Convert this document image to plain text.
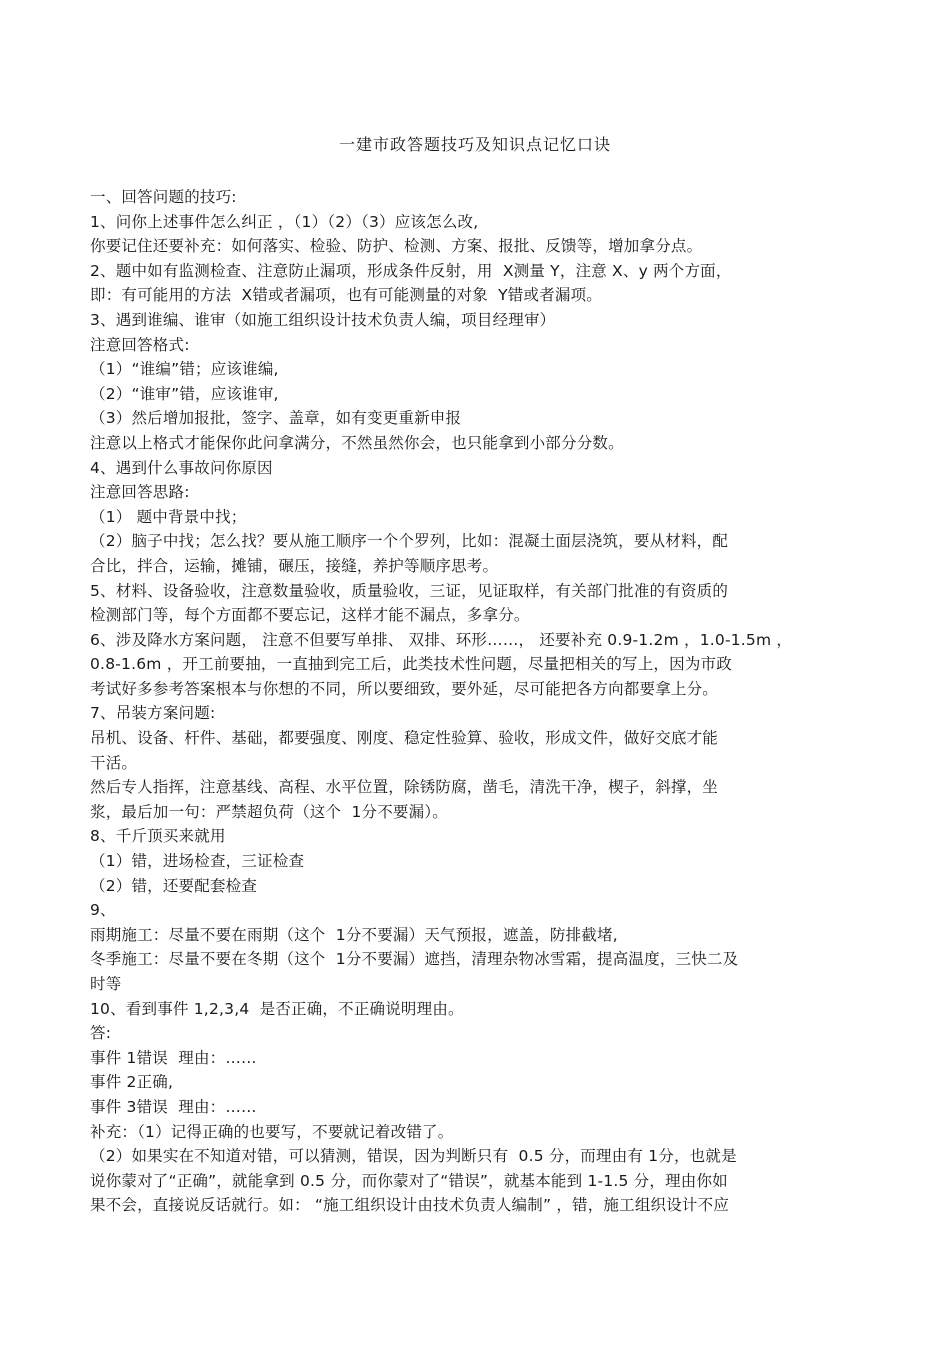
一建市政答题技巧及知识点记忆口诀
一、回答问题的技巧:
1、问你上述事件怎么纠正 ，（1）（2）（3）应该怎么改,
你要记住还要补充：如何落实、检验、防护、检测、方案、报批、反馈等，增加拿分点。
2、题中如有监测检查、注意防止漏项，形成条件反射，用  X测量 Y，注意 X、y 两个方面，
即：有可能用的方法  X错或者漏项，也有可能测量的对象  Y错或者漏项。
3、遇到谁编、谁审（如施工组织设计技术负责人编，项目经理审）
注意回答格式:
（1）“谁编”错；应该谁编,
（2）“谁审”错，应该谁审,
（3）然后增加报批，签字、盖章，如有变更重新申报
注意以上格式才能保你此问拿满分，不然虽然你会，也只能拿到小部分分数。
4、遇到什么事故问你原因
注意回答思路:
（1） 题中背景中找；
（2）脑子中找；怎么找？要从施工顺序一个个罗列，比如：混凝土面层浇筑，要从材料，配
合比，拌合，运输，摊铺，碾压，接缝，养护等顺序思考。
5、材料、设备验收，注意数量验收，质量验收，三证，见证取样，有关部门批准的有资质的
检测部门等，每个方面都不要忘记，这样才能不漏点，多拿分。
6、涉及降水方案问题， 注意不但要写单排、 双排、环形……， 还要补充 0.9-1.2m ，1.0-1.5m ，
0.8-1.6m ，开工前要抽，一直抽到完工后，此类技术性问题，尽量把相关的写上，因为市政
考试好多参考答案根本与你想的不同，所以要细致，要外延，尽可能把各方向都要拿上分。
7、吊装方案问题:
吊机、设备、杆件、基础，都要强度、刚度、稳定性验算、验收，形成文件，做好交底才能
干活。
然后专人指挥，注意基线、高程、水平位置，除锈防腐，凿毛，清洗干净，楔子，斜撑，坐
浆，最后加一句：严禁超负荷（这个  1分不要漏）。
8、千斤顶买来就用
（1）错，进场检查，三证检查
（2）错，还要配套检查
9、
雨期施工：尽量不要在雨期（这个  1分不要漏）天气预报，遮盖，防排截堵,
冬季施工：尽量不要在冬期（这个  1分不要漏）遮挡，清理杂物冰雪霜，提高温度，三快二及
时等
10、看到事件 1,2,3,4  是否正确，不正确说明理由。
答:
事件 1错误  理由：……
事件 2正确,
事件 3错误  理由：……
补充：（1）记得正确的也要写，不要就记着改错了。
（2）如果实在不知道对错，可以猜测，错误，因为判断只有  0.5 分，而理由有 1分，也就是
说你蒙对了“正确”，就能拿到 0.5 分，而你蒙对了“错误”，就基本能到 1-1.5 分，理由你如
果不会，直接说反话就行。如： “施工组织设计由技术负责人编制” ，错，施工组织设计不应
